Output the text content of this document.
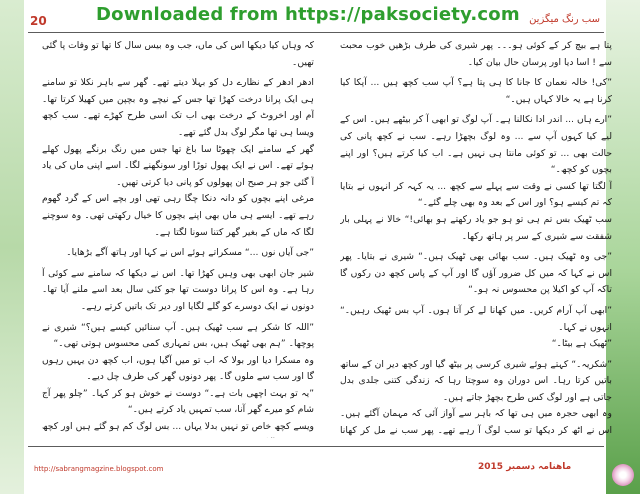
20	Downloaded from https://paksociety.com سب رنگ میگزین

پتا ہے بیچ کر کے کوئی ہو۔۔۔ پھر شیری کی طرف بڑھیں خوب محبت سے ! اسا دیا اور پرسان حال بیان کیا۔

”کی! خالہ نعمان کا جانا کا ہی پتا ہے؟ آپ سب کچھ ہیں ... آپکا کیا کرنا ہے یہ خالا کہاں ہیں۔“

”ارے ہاں ... اندر ادا نکالنا ہے۔ آپ لوگ تو ابھی آ کر بیٹھے ہیں۔ اس کے لیے کیا کہوں آپ سے ... وہ لوگ بچھڑا رہے۔ سب نے کچھ پانی کی حالت بھی ... تو کوئی مانتا ہی نہیں ہے۔ اب کیا کرتے ہیں؟ اور اپنے بچوں کو کچھ۔“

آ لگتا تھا کسی نے وقت سے پہلے سے کچھ ... یہ کہہ کر انہوں نے بتایا کہ تم کیسے ہو؟ اور اس کے بعد وہ بھی چلے گئے۔“

سب ٹھیک بس تم ہی تو ہو جو یاد رکھتے ہو بھائی!“ خالا نے پہلی بار شفقت سے شیری کے سر پر ہاتھ رکھا۔

”جی وہ ٹھیک ہیں۔ سب بھائی بھی ٹھیک ہیں۔“ شیری نے بتایا۔ پھر اس نے کہا کہ میں کل ضرور آؤں گا اور آپ کے پاس کچھ دن رکوں گا تاکہ آپ کو اکیلا پن محسوس نہ ہو۔“

”ابھی آپ آرام کریں۔ میں کھانا لے کر آتا ہوں۔ آپ بس ٹھیک رہیں۔“ انہوں نے کہا۔

”ٹھیک ہے بیٹا۔“

”شکریہ۔“ کہتے ہوئے شیری کرسی پر بیٹھ گیا اور کچھ دیر ان کے ساتھ باتیں کرتا رہا۔ اس دوران وہ سوچتا رہا کہ زندگی کتنی جلدی بدل جاتی ہے اور لوگ کس طرح بچھڑ جاتے ہیں۔

وہ ابھی حجرہ میں ہی تھا کہ باہر سے آواز آئی کہ مہمان آگئے ہیں۔ اس نے اٹھ کر دیکھا تو سب لوگ آ رہے تھے۔ پھر سب نے مل کر کھانا

کہ وہاں کیا دیکھا اس کی ماں، جب وہ بیس سال کا تھا تو وفات پا گئی تھیں۔

ادھر ادھر کے نظارے دل کو بہلا دیتے تھے۔ گھر سے باہر نکلا تو سامنے ہی ایک پرانا درخت کھڑا تھا جس کے نیچے وہ بچپن میں کھیلا کرتا تھا۔ آم اور اخروٹ کے درخت بھی اب تک اسی طرح کھڑے تھے۔ سب کچھ ویسا ہی تھا مگر لوگ بدل گئے تھے۔

گھر کے سامنے ایک چھوٹا سا باغ تھا جس میں رنگ برنگے پھول کھلے ہوئے تھے۔ اس نے ایک پھول توڑا اور سونگھنے لگا۔ اسے اپنی ماں کی یاد آ گئی جو ہر صبح ان پھولوں کو پانی دیا کرتی تھیں۔

مرغی اپنے بچوں کو دانہ دنکا چگا رہی تھی اور بچے اس کے گرد گھوم رہے تھے۔ ایسے ہی ماں بھی اپنے بچوں کا خیال رکھتی تھی۔ وہ سوچنے لگا کہ ماں کے بغیر گھر کتنا سونا لگتا ہے۔

”جی آیاں نوں ...“ مسکراتے ہوئے اس نے کہا اور ہاتھ آگے بڑھایا۔

شیر جان ابھی بھی وہیں کھڑا تھا۔ اس نے دیکھا کہ سامنے سے کوئی آ رہا ہے۔ وہ اس کا پرانا دوست تھا جو کئی سال بعد اسے ملنے آیا تھا۔ دونوں نے ایک دوسرے کو گلے لگایا اور دیر تک باتیں کرتے رہے۔

”اللہ کا شکر ہے سب ٹھیک ہیں۔ آپ سنائیں کیسے ہیں؟“ شیری نے پوچھا۔ ”ہم بھی ٹھیک ہیں، بس تمہاری کمی محسوس ہوتی تھی۔“

وہ مسکرا دیا اور بولا کہ اب تو میں آگیا ہوں، اب کچھ دن یہیں رہوں گا اور سب سے ملوں گا۔ پھر دونوں گھر کی طرف چل دیے۔

”یہ تو بہت اچھی بات ہے۔“ دوست نے خوش ہو کر کہا۔ ”چلو پھر آج شام کو میرے گھر آنا، سب تمہیں یاد کرتے ہیں۔“

ویسے کچھ خاص تو نہیں بدلا یہاں ... بس لوگ کم ہو گئے ہیں اور کچھ

http://sabrangmagzine.blogspot.com	ماهنامہ دسمبر 2015
